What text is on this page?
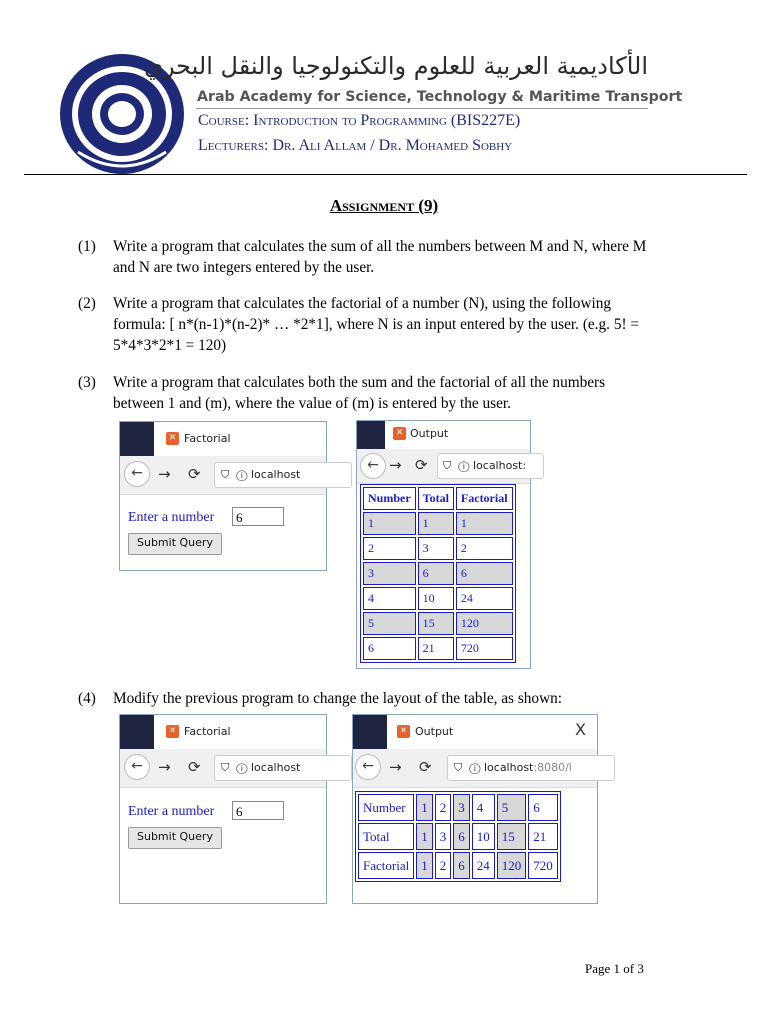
الأكاديمية العربية للعلوم والتكنولوجيا والنقل البحري
Arab Academy for Science, Technology & Maritime Transport
Course: Introduction to Programming (BIS227E)
Lecturers: Dr. Ali Allam / Dr. Mohamed Sobhy
Assignment (9)
(1) Write a program that calculates the sum of all the numbers between M and N, where M and N are two integers entered by the user.
(2) Write a program that calculates the factorial of a number (N), using the following formula: [ n*(n-1)*(n-2)* … *2*1], where N is an input entered by the user. (e.g. 5! = 5*4*3*2*1 = 120)
(3) Write a program that calculates both the sum and the factorial of all the numbers between 1 and (m), where the value of (m) is entered by the user.
✕ Factorial
←	→ ⟳	⛉ ⓘ localhost
Enter a number	6
Submit Query
✕ Output
← → ⟳	⛉ ⓘ localhost:
Number	Total	Factorial
1	1	1
2	3	2
3	6	6
4	10	24
5	15	120
6	21	720
(4) Modify the previous program to change the layout of the table, as shown:
✕ Factorial
←	→ ⟳	⛉ ⓘ localhost
Enter a number	6
Submit Query
✕ Output	X
←	→ ⟳	⛉ ⓘ localhost:8080/l
Number	1	2	3	4	5	6
Total	1	3	6	10	15	21
Factorial	1	2	6	24	120	720
Page 1 of 3
